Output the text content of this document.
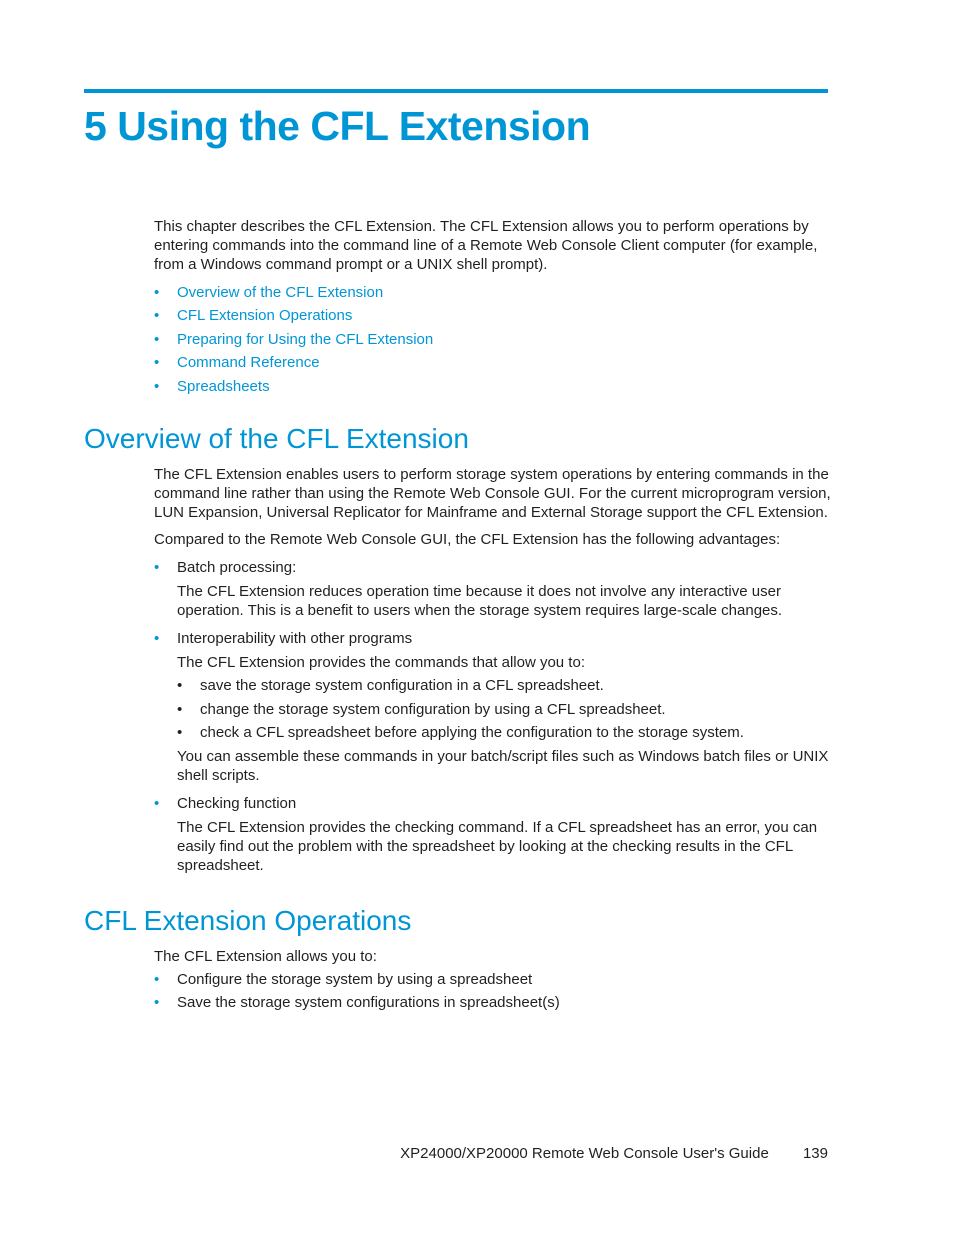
5 Using the CFL Extension

This chapter describes the CFL Extension. The CFL Extension allows you to perform operations by entering commands into the command line of a Remote Web Console Client computer (for example, from a Windows command prompt or a UNIX shell prompt).

• Overview of the CFL Extension
• CFL Extension Operations
• Preparing for Using the CFL Extension
• Command Reference
• Spreadsheets
Overview of the CFL Extension

The CFL Extension enables users to perform storage system operations by entering commands in the command line rather than using the Remote Web Console GUI. For the current microprogram version, LUN Expansion, Universal Replicator for Mainframe and External Storage support the CFL Extension.

Compared to the Remote Web Console GUI, the CFL Extension has the following advantages:

• Batch processing:
The CFL Extension reduces operation time because it does not involve any interactive user operation. This is a benefit to users when the storage system requires large-scale changes.
• Interoperability with other programs
The CFL Extension provides the commands that allow you to:
• save the storage system configuration in a CFL spreadsheet.
• change the storage system configuration by using a CFL spreadsheet.
• check a CFL spreadsheet before applying the configuration to the storage system.
You can assemble these commands in your batch/script files such as Windows batch files or UNIX shell scripts.
• Checking function
The CFL Extension provides the checking command. If a CFL spreadsheet has an error, you can easily find out the problem with the spreadsheet by looking at the checking results in the CFL spreadsheet.
CFL Extension Operations

The CFL Extension allows you to:

• Configure the storage system by using a spreadsheet
• Save the storage system configurations in spreadsheet(s)
XP24000/XP20000 Remote Web Console User's Guide 139
